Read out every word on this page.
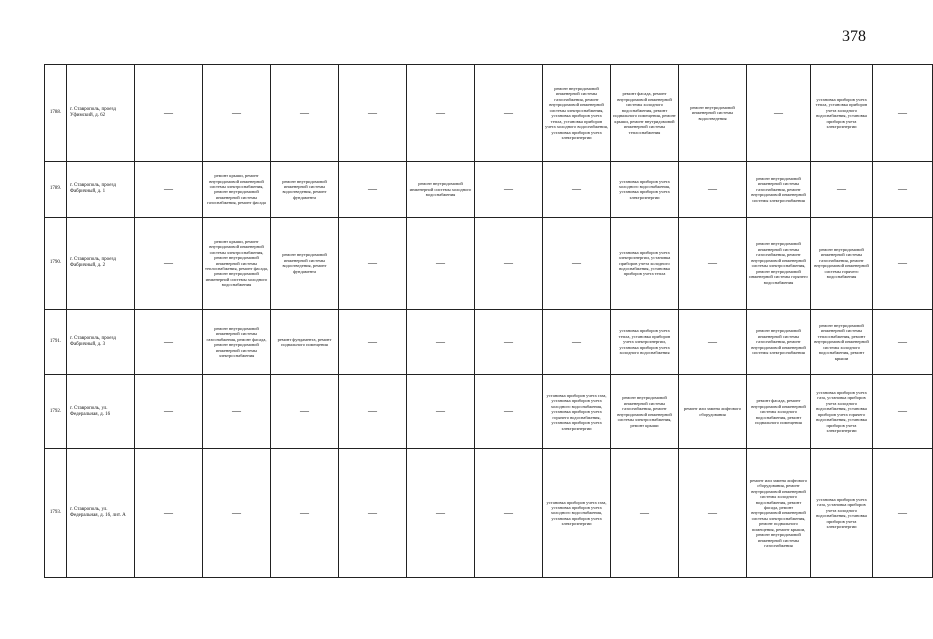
378
1788.	г. Ставрополь, проезд Уфимский, д. 62	—	—	—	—	—	—	ремонт внутридомовой инженерной системы газоснабжения, ремонт внутридомовой инженерной системы электроснабжения, установка приборов учета тепла, установка приборов учета холодного водоснабжения, установка приборов учета электроэнергии	ремонт фасада, ремонт внутридомовой инженерной системы холодного водоснабжения, ремонт подвального помещения, ремонт крыши, ремонт внутридомовой инженерной системы теплоснабжения	ремонт внутридомовой инженерной системы водоотведения	—	установка приборов учета тепла, установка приборов учета холодного водоснабжения, установка приборов учета электроэнергии	—
1789.	г. Ставрополь, проезд Фабричный, д. 1	—	ремонт крыши, ремонт внутридомовой инженерной системы электроснабжения, ремонт внутридомовой инженерной системы газоснабжения, ремонт фасада	ремонт внутридомовой инженерной системы водоотведения, ремонт фундамента	—	ремонт внутридомовой инженерной системы холодного водоснабжения	—	—	установка приборов учета холодного водоснабжения, установка приборов учета электроэнергии	—	ремонт внутридомовой инженерной системы газоснабжения, ремонт внутридомовой инженерной системы электроснабжения	—	—
1790.	г. Ставрополь, проезд Фабричный, д. 2	—	ремонт крыши, ремонт внутридомовой инженерной системы электроснабжения, ремонт внутридомовой инженерной системы теплоснабжения, ремонт фасада, ремонт внутридомовой инженерной системы холодного водоснабжения	ремонт внутридомовой инженерной системы водоотведения, ремонт фундамента	—	—	—	—	установка приборов учета электроэнергии, установка приборов учета холодного водоснабжения, установка приборов учета тепла	—	ремонт внутридомовой инженерной системы газоснабжения, ремонт внутридомовой инженерной системы электроснабжения, ремонт внутридомовой инженерной системы горячего водоснабжения	ремонт внутридомовой инженерной системы газоснабжения, ремонт внутридомовой инженерной системы горячего водоснабжения	—
1791.	г. Ставрополь, проезд Фабричный, д. 3	—	ремонт внутридомовой инженерной системы газоснабжения, ремонт фасада, ремонт внутридомовой инженерной системы электроснабжения	ремонт фундамента, ремонт подвального помещения	—	—	—	—	установка приборов учета тепла, установка приборов учета электроэнергии, установка приборов учета холодного водоснабжения	—	ремонт внутридомовой инженерной системы газоснабжения, ремонт внутридомовой инженерной системы электроснабжения	ремонт внутридомовой инженерной системы теплоснабжения, ремонт внутридомовой инженерной системы холодного водоснабжения, ремонт крыши	—
1792.	г. Ставрополь, ул. Федеральная, д. 16	—	—	—	—	—	—	установка приборов учета газа, установка приборов учета холодного водоснабжения, установка приборов учета горячего водоснабжения, установка приборов учета электроэнергии	ремонт внутридомовой инженерной системы газоснабжения, ремонт внутридомовой инженерной системы электроснабжения, ремонт крыши	ремонт или замена лифтового оборудования	ремонт фасада, ремонт внутридомовой инженерной системы холодного водоснабжения, ремонт подвального помещения	установка приборов учета газа, установка приборов учета холодного водоснабжения, установка приборов учета горячего водоснабжения, установка приборов учета электроэнергии	—
1793.	г. Ставрополь, ул. Федеральная, д. 16, лит. А	—	—	—	—	—	—	установка приборов учета газа, установка приборов учета холодного водоснабжения, установка приборов учета электроэнергии	—	—	ремонт или замена лифтового оборудования, ремонт внутридомовой инженерной системы холодного водоснабжения, ремонт фасада, ремонт внутридомовой инженерной системы электроснабжения, ремонт подвального помещения, ремонт крыши, ремонт внутридомовой инженерной системы газоснабжения	установка приборов учета газа, установка приборов учета холодного водоснабжения, установка приборов учета электроэнергии	—
